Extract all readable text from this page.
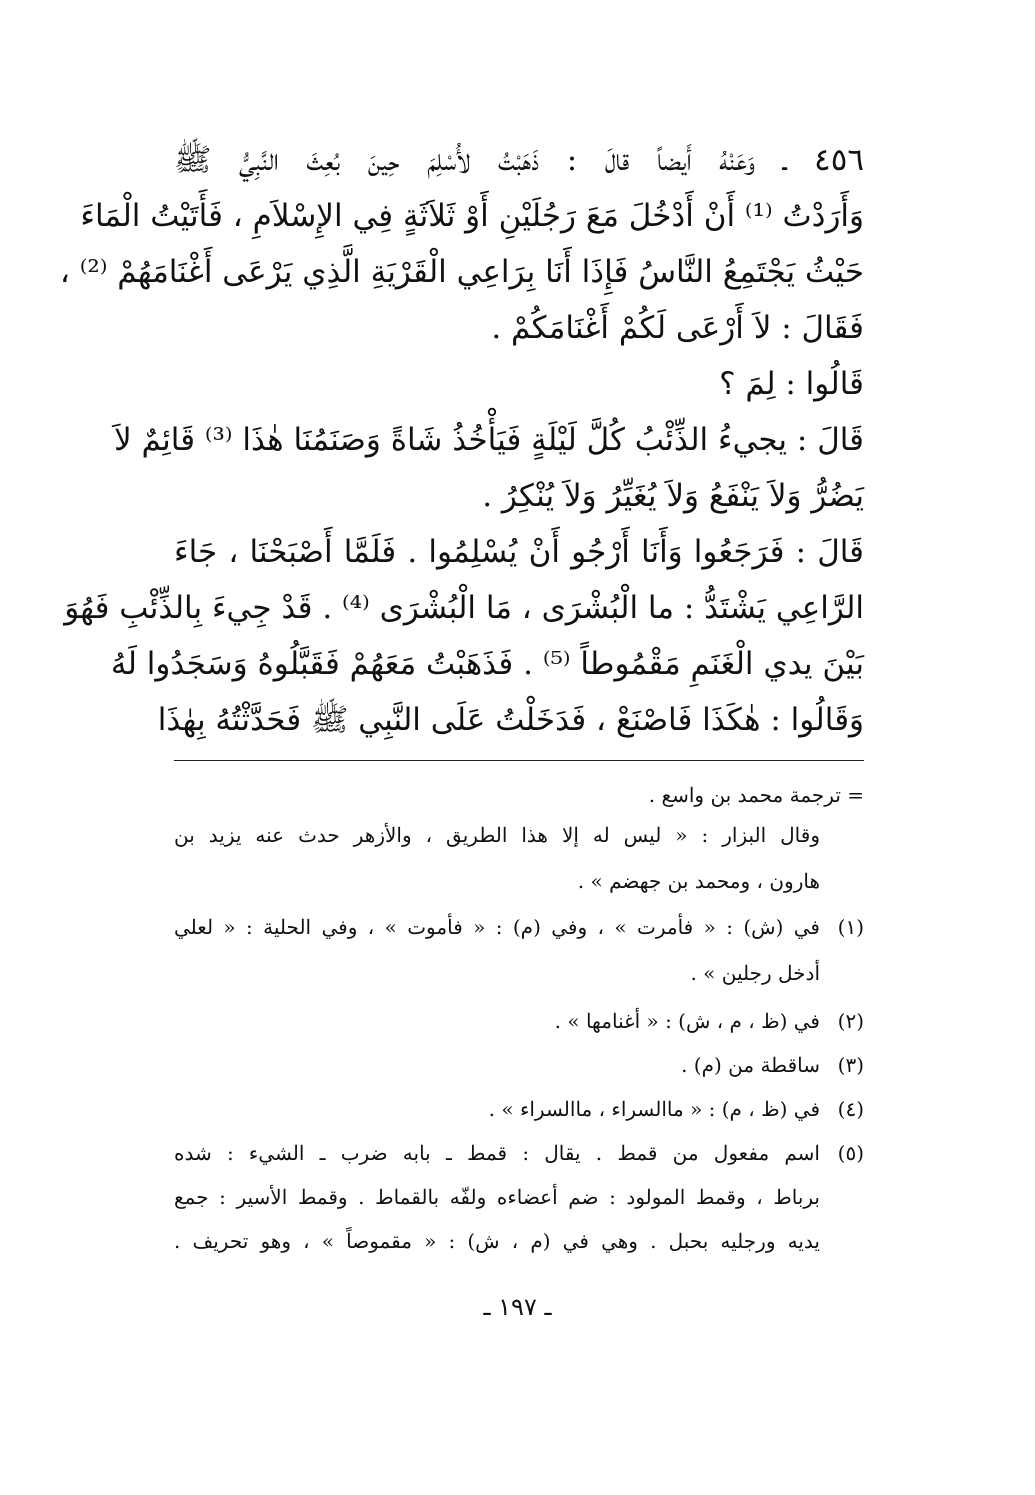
٤٥٦ ـ وَعَنْهُ أَيضاً قالَ : ذَهَبْتُ لأُسْلِمَ حِينَ بُعِثَ النَّبِيُّ ﷺ
وَأَرَدْتُ ⁽¹⁾ أَنْ أَدْخُلَ مَعَ رَجُلَيْنِ أَوْ ثَلاَثَةٍ فِي الإِسْلاَمِ ، فَأَتَيْتُ الْمَاءَ
حَيْثُ يَجْتَمِعُ النَّاسُ فَإِذَا أَنَا بِرَاعِي الْقَرْيَةِ الَّذِي يَرْعَى أَغْنَامَهُمْ ⁽²⁾ ،
فَقَالَ : لاَ أَرْعَى لَكُمْ أَغْنَامَكُمْ .
قَالُوا : لِمَ ؟
قَالَ : يجيءُ الذِّئْبُ كُلَّ لَيْلَةٍ فَيَأْخُذُ شَاةً وَصَنَمُنَا هٰذَا ⁽³⁾ قَائِمٌ لاَ
يَضُرُّ وَلاَ يَنْفَعُ وَلاَ يُغَيِّرُ وَلاَ يُنْكِرُ .
قَالَ : فَرَجَعُوا وَأَنَا أَرْجُو أَنْ يُسْلِمُوا . فَلَمَّا أَصْبَحْنَا ، جَاءَ
الرَّاعِي يَشْتَدُّ : ما الْبُشْرَى ، مَا الْبُشْرَى ⁽⁴⁾ . قَدْ جِيءَ بِالذِّئْبِ فَهُوَ
بَيْنَ يدي الْغَنَمِ مَقْمُوطاً ⁽⁵⁾ . فَذَهَبْتُ مَعَهُمْ فَقَبَّلُوهُ وَسَجَدُوا لَهُ
وَقَالُوا : هٰكَذَا فَاصْنَعْ ، فَدَخَلْتُ عَلَى النَّبِي ﷺ فَحَدَّثْتُهُ بِهٰذَا
= ترجمة محمد بن واسع .
وقال البزار : « ليس له إلا هذا الطريق ، والأزهر حدث عنه يزيد بن
هارون ، ومحمد بن جهضم » .
(١)
في (ش) : « فأمرت » ، وفي (م) : « فأموت » ، وفي الحلية : « لعلي
أدخل رجلين » .
(٢)
في (ظ ، م ، ش) : « أغنامها » .
(٣)
ساقطة من (م) .
(٤)
في (ظ ، م) : « ماالسراء ، ماالسراء » .
(٥)
اسم مفعول من قمط . يقال : قمط ـ بابه ضرب ـ الشيء : شده
برباط ، وقمط المولود : ضم أعضاءه ولفّه بالقماط . وقمط الأسير : جمع
يديه ورجليه بحبل . وهي في (م ، ش) : « مقموصاً » ، وهو تحريف .
ـ ١٩٧ ـ
